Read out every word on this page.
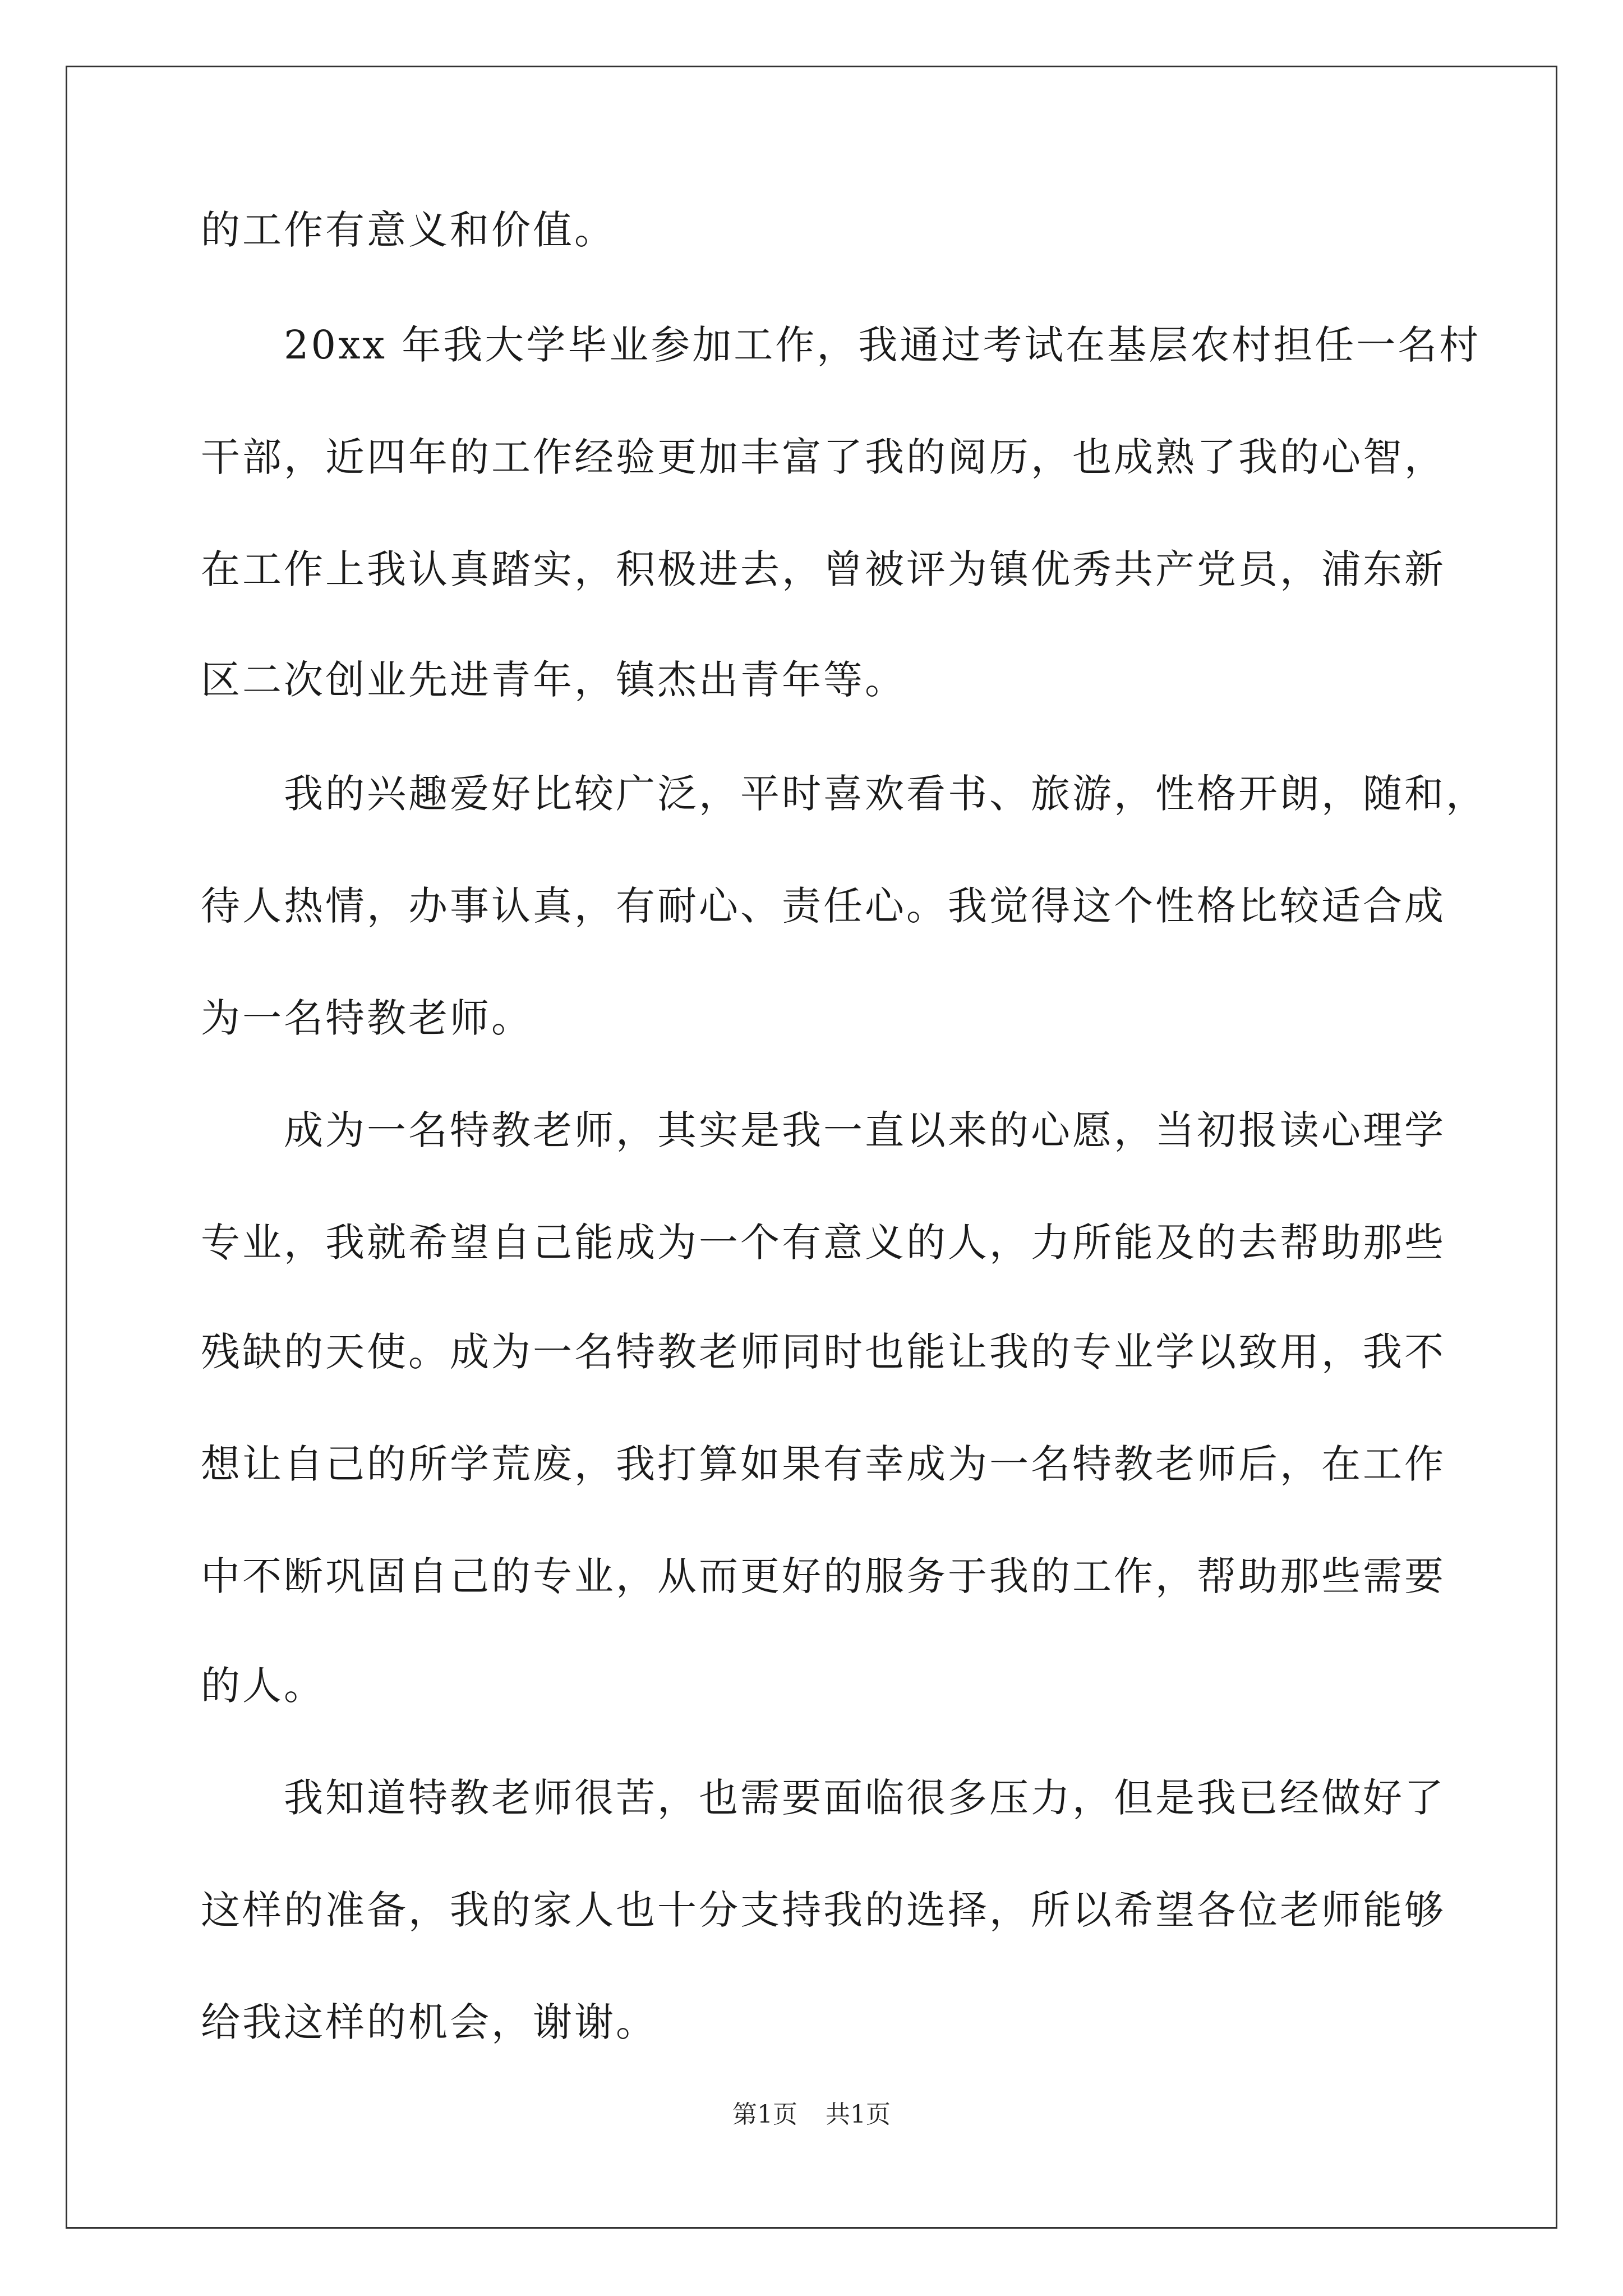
的工作有意义和价值。
　　20xx 年我大学毕业参加工作，我通过考试在基层农村担任一名村
干部，近四年的工作经验更加丰富了我的阅历，也成熟了我的心智，
在工作上我认真踏实，积极进去，曾被评为镇优秀共产党员，浦东新
区二次创业先进青年，镇杰出青年等。
　　我的兴趣爱好比较广泛，平时喜欢看书、旅游，性格开朗，随和，
待人热情，办事认真，有耐心、责任心。我觉得这个性格比较适合成
为一名特教老师。
　　成为一名特教老师，其实是我一直以来的心愿，当初报读心理学
专业，我就希望自己能成为一个有意义的人，力所能及的去帮助那些
残缺的天使。成为一名特教老师同时也能让我的专业学以致用，我不
想让自己的所学荒废，我打算如果有幸成为一名特教老师后，在工作
中不断巩固自己的专业，从而更好的服务于我的工作，帮助那些需要
的人。
　　我知道特教老师很苦，也需要面临很多压力，但是我已经做好了
这样的准备，我的家人也十分支持我的选择，所以希望各位老师能够
给我这样的机会，谢谢。
第1页 共1页
